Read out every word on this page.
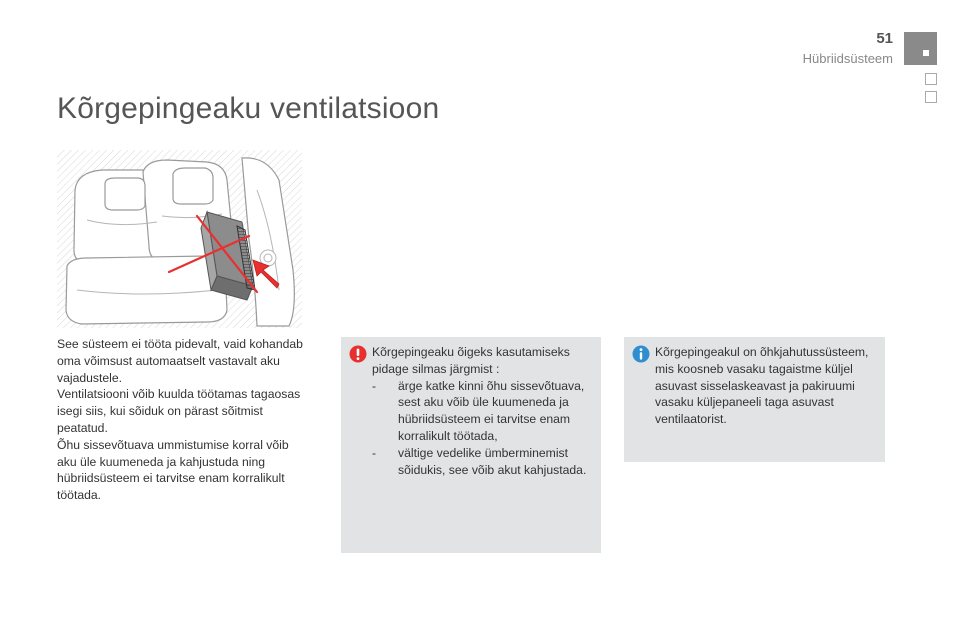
51
Hübriidsüsteem
Kõrgepingeaku ventilatsioon

See süsteem ei tööta pidevalt, vaid kohandab oma võimsust automaatselt vastavalt aku vajadustele.

Ventilatsiooni võib kuulda töötamas tagaosas isegi siis, kui sõiduk on pärast sõitmist peatatud.

Õhu sissevõtuava ummistumise korral võib aku üle kuumeneda ja kahjustuda ning hübriidsüsteem ei tarvitse enam korralikult töötada.

Kõrgepingeaku õigeks kasutamiseks pidage silmas järgmist :

- ärge katke kinni õhu sissevõtuava, sest aku võib üle kuumeneda ja hübriidsüsteem ei tarvitse enam korralikult töötada,
- vältige vedelike ümberminemist sõidukis, see võib akut kahjustada.

Kõrgepingeakul on õhkjahutussüsteem, mis koosneb vasaku tagaistme küljel asuvast sisselaskeavast ja pakiruumi vasaku küljepaneeli taga asuvast ventilaatorist.
